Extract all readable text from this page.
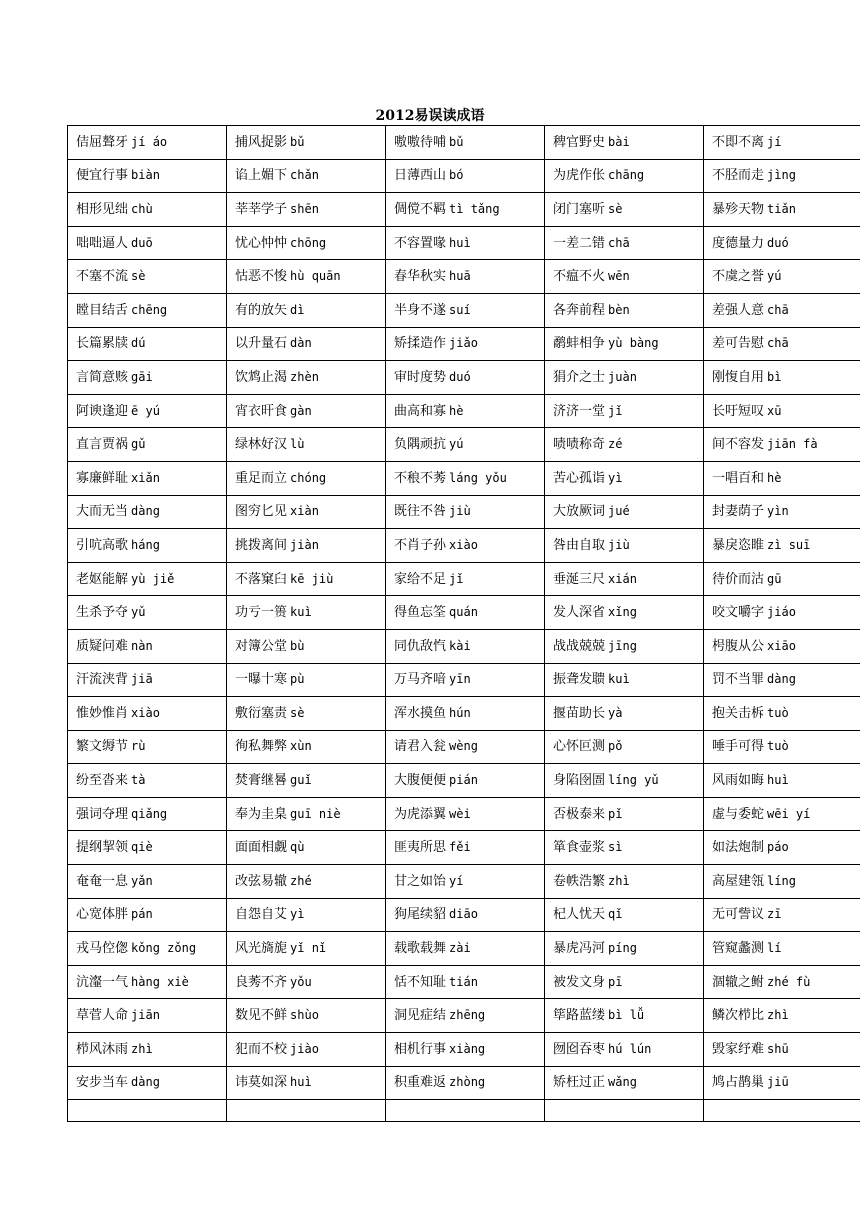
2012易误读成语
佶屈聱牙 jí áo	捕风捉影 bǔ	嗷嗷待哺 bǔ	稗官野史 bài	不即不离 jí
便宜行事 biàn	谄上媚下 chǎn	日薄西山 bó	为虎作伥 chāng	不胫而走 jìng
相形见绌 chù	莘莘学子 shēn	倜傥不羁 tì tǎng	闭门塞听 sè	暴殄天物 tiǎn
咄咄逼人 duō	忧心忡忡 chōng	不容置喙 huì	一差二错 chā	度德量力 duó
不塞不流 sè	怙恶不悛 hù quān	春华秋实 huā	不瘟不火 wēn	不虞之誉 yú
瞠目结舌 chēng	有的放矢 dì	半身不遂 suí	各奔前程 bèn	差强人意 chā
长篇累牍 dú	以升量石 dàn	矫揉造作 jiǎo	鹬蚌相争 yù bàng	差可告慰 chā
言简意赅 gāi	饮鸩止渴 zhèn	审时度势 duó	狷介之士 juàn	刚愎自用 bì
阿谀逢迎 ē yú	宵衣旰食 gàn	曲高和寡 hè	济济一堂 jǐ	长吁短叹 xū
直言贾祸 gǔ	绿林好汉 lù	负隅顽抗 yú	啧啧称奇 zé	间不容发 jiān fà
寡廉鲜耻 xiǎn	重足而立 chóng	不稂不莠 láng yǒu	苦心孤诣 yì	一唱百和 hè
大而无当 dàng	图穷匕见 xiàn	既往不咎 jiù	大放厥词 jué	封妻荫子 yìn
引吭高歌 háng	挑拨离间 jiàn	不肖子孙 xiào	咎由自取 jiù	暴戾恣睢 zì suī
老妪能解 yù jiě	不落窠臼 kē jiù	家给不足 jǐ	垂涎三尺 xián	待价而沽 gū
生杀予夺 yǔ	功亏一篑 kuì	得鱼忘筌 quán	发人深省 xǐng	咬文嚼字 jiáo
质疑问难 nàn	对簿公堂 bù	同仇敌忾 kài	战战兢兢 jīng	枵腹从公 xiāo
汗流浃背 jiā	一曝十寒 pù	万马齐喑 yīn	振聋发聩 kuì	罚不当罪 dàng
惟妙惟肖 xiào	敷衍塞责 sè	浑水摸鱼 hún	揠苗助长 yà	抱关击柝 tuò
繁文缛节 rù	徇私舞弊 xùn	请君入瓮 wèng	心怀叵测 pǒ	唾手可得 tuò
纷至沓来 tà	焚膏继晷 guǐ	大腹便便 pián	身陷囹圄 líng yǔ	风雨如晦 huì
强词夺理 qiǎng	奉为圭臬 guī niè	为虎添翼 wèi	否极泰来 pǐ	虚与委蛇 wēi yí
提纲挈领 qiè	面面相觑 qù	匪夷所思 fěi	箪食壶浆 sì	如法炮制 páo
奄奄一息 yǎn	改弦易辙 zhé	甘之如饴 yí	卷帙浩繁 zhì	高屋建瓴 líng
心宽体胖 pán	自怨自艾 yì	狗尾续貂 diāo	杞人忧天 qǐ	无可訾议 zī
戎马倥偬 kǒng zǒng	风光旖旎 yǐ nǐ	载歌载舞 zài	暴虎冯河 píng	管窥蠡测 lí
沆瀣一气 hàng xiè	良莠不齐 yǒu	恬不知耻 tián	被发文身 pī	涸辙之鲋 zhé fù
草菅人命 jiān	数见不鲜 shùo	洞见症结 zhēng	筚路蓝缕 bì lǚ	鳞次栉比 zhì
栉风沐雨 zhì	犯而不校 jiào	相机行事 xiàng	囫囵吞枣 hú lún	毁家纾难 shū
安步当车 dàng	讳莫如深 huì	积重难返 zhòng	矫枉过正 wǎng	鸠占鹊巢 jiū
